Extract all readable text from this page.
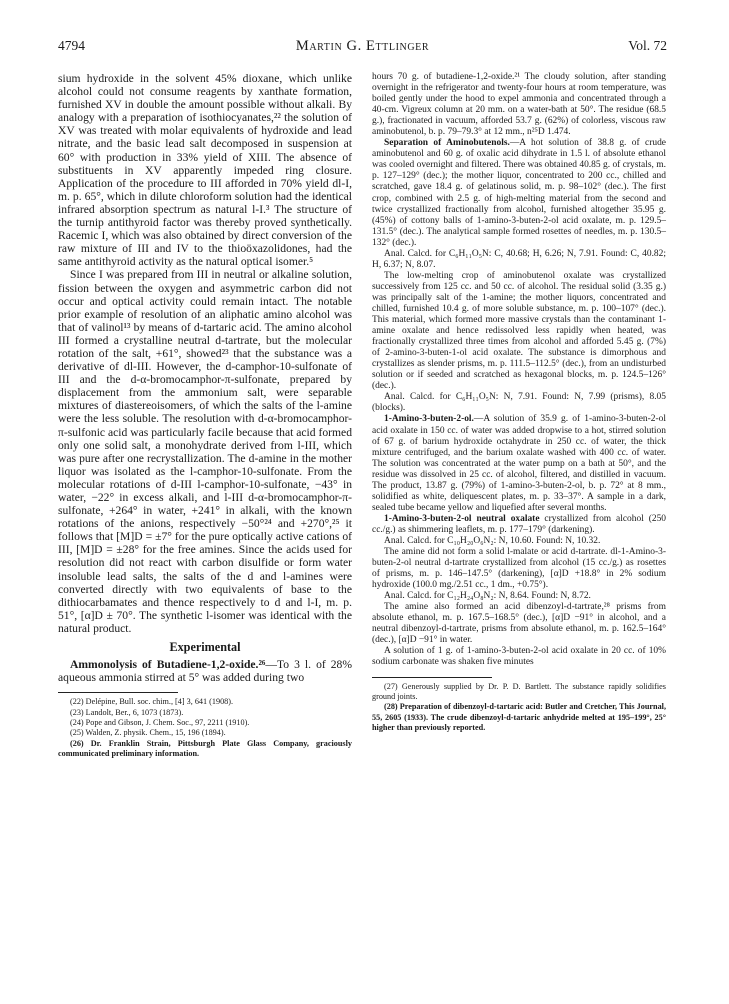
4794	Martin G. Ettlinger	Vol. 72

sium hydroxide in the solvent 45% dioxane, which unlike alcohol could not consume reagents by xanthate formation, furnished XV in double the amount possible without alkali. By analogy with a preparation of isothiocyanates,²² the solution of XV was treated with molar equivalents of hydroxide and lead nitrate, and the basic lead salt decomposed in suspension at 60° with production in 33% yield of XIII. The absence of substituents in XV apparently impeded ring closure. Application of the procedure to III afforded in 70% yield dl-I, m. p. 65°, which in dilute chloroform solution had the identical infrared absorption spectrum as natural l-I.³ The structure of the turnip antithyroid factor was thereby proved synthetically. Racemic I, which was also obtained by direct conversion of the raw mixture of III and IV to the thioöxazolidones, had the same antithyroid activity as the natural optical isomer.⁵

Since I was prepared from III in neutral or alkaline solution, fission between the oxygen and asymmetric carbon did not occur and optical activity could remain intact. The notable prior example of resolution of an aliphatic amino alcohol was that of valinol¹³ by means of d-tartaric acid. The amino alcohol III formed a crystalline neutral d-tartrate, but the molecular rotation of the salt, +61°, showed²³ that the substance was a derivative of dl-III. However, the d-camphor-10-sulfonate of III and the d-α-bromocamphor-π-sulfonate, prepared by displacement from the ammonium salt, were separable mixtures of diastereoisomers, of which the salts of the l-amine were the less soluble. The resolution with d-α-bromocamphor-π-sulfonic acid was particularly facile because that acid formed only one solid salt, a monohydrate derived from l-III, which was pure after one recrystallization. The d-amine in the mother liquor was isolated as the l-camphor-10-sulfonate. From the molecular rotations of d-III l-camphor-10-sulfonate, −43° in water, −22° in excess alkali, and l-III d-α-bromocamphor-π-sulfonate, +264° in water, +241° in alkali, with the known rotations of the anions, respectively −50°²⁴ and +270°,²⁵ it follows that [M]D = ±7° for the pure optically active cations of III, [M]D = ±28° for the free amines. Since the acids used for resolution did not react with carbon disulfide or form water insoluble lead salts, the salts of the d and l-amines were converted directly with two equivalents of base to the dithiocarbamates and thence respectively to d and l-I, m. p. 51°, [α]D ± 70°. The synthetic l-isomer was identical with the natural product.

Experimental

Ammonolysis of Butadiene-1,2-oxide.²⁶—To 3 l. of 28% aqueous ammonia stirred at 5° was added during two

(22) Delépine, Bull. soc. chim., [4] 3, 641 (1908).

(23) Landolt, Ber., 6, 1073 (1873).

(24) Pope and Gibson, J. Chem. Soc., 97, 2211 (1910).

(25) Walden, Z. physik. Chem., 15, 196 (1894).

(26) Dr. Franklin Strain, Pittsburgh Plate Glass Company, graciously communicated preliminary information.

hours 70 g. of butadiene-1,2-oxide.²¹ The cloudy solution, after standing overnight in the refrigerator and twenty-four hours at room temperature, was boiled gently under the hood to expel ammonia and concentrated through a 40-cm. Vigreux column at 20 mm. on a water-bath at 50°. The residue (68.5 g.), fractionated in vacuum, afforded 53.7 g. (62%) of colorless, viscous raw aminobutenol, b. p. 79–79.3° at 12 mm., n²⁵D 1.474.

Separation of Aminobutenols.—A hot solution of 38.8 g. of crude aminobutenol and 60 g. of oxalic acid dihydrate in 1.5 l. of absolute ethanol was cooled overnight and filtered. There was obtained 40.85 g. of crystals, m. p. 127–129° (dec.); the mother liquor, concentrated to 200 cc., chilled and scratched, gave 18.4 g. of gelatinous solid, m. p. 98–102° (dec.). The first crop, combined with 2.5 g. of high-melting material from the second and twice crystallized fractionally from alcohol, furnished altogether 35.95 g. (45%) of cottony balls of 1-amino-3-buten-2-ol acid oxalate, m. p. 129.5–131.5° (dec.). The analytical sample formed rosettes of needles, m. p. 130.5–132° (dec.).

Anal. Calcd. for C₆H₁₁O₅N: C, 40.68; H, 6.26; N, 7.91. Found: C, 40.82; H, 6.37; N, 8.07.

The low-melting crop of aminobutenol oxalate was crystallized successively from 125 cc. and 50 cc. of alcohol. The residual solid (3.35 g.) was principally salt of the 1-amine; the mother liquors, concentrated and chilled, furnished 10.4 g. of more soluble substance, m. p. 100–107° (dec.). This material, which formed more massive crystals than the contaminant 1-amine oxalate and hence redissolved less rapidly when heated, was fractionally crystallized three times from alcohol and afforded 5.45 g. (7%) of 2-amino-3-buten-1-ol acid oxalate. The substance is dimorphous and crystallizes as slender prisms, m. p. 111.5–112.5° (dec.), from an undisturbed solution or if seeded and scratched as hexagonal blocks, m. p. 124.5–126° (dec.).

Anal. Calcd. for C₆H₁₁O₅N: N, 7.91. Found: N, 7.99 (prisms), 8.05 (blocks).

1-Amino-3-buten-2-ol.—A solution of 35.9 g. of 1-amino-3-buten-2-ol acid oxalate in 150 cc. of water was added dropwise to a hot, stirred solution of 67 g. of barium hydroxide octahydrate in 250 cc. of water, the thick mixture centrifuged, and the barium oxalate washed with 400 cc. of water. The solution was concentrated at the water pump on a bath at 50°, and the residue was dissolved in 25 cc. of alcohol, filtered, and distilled in vacuum. The product, 13.87 g. (79%) of 1-amino-3-buten-2-ol, b. p. 72° at 8 mm., solidified as white, deliquescent plates, m. p. 33–37°. A sample in a dark, sealed tube became yellow and liquefied after several months.

1-Amino-3-buten-2-ol neutral oxalate crystallized from alcohol (250 cc./g.) as shimmering leaflets, m. p. 177–179° (darkening).

Anal. Calcd. for C₁₀H₂₀O₆N₂: N, 10.60. Found: N, 10.32.

The amine did not form a solid l-malate or acid d-tartrate. dl-1-Amino-3-buten-2-ol neutral d-tartrate crystallized from alcohol (15 cc./g.) as rosettes of prisms, m. p. 146–147.5° (darkening), [α]D +18.8° in 2% sodium hydroxide (100.0 mg./2.51 cc., 1 dm., +0.75°).

Anal. Calcd. for C₁₂H₂₄O₈N₂: N, 8.64. Found: N, 8.72.

The amine also formed an acid dibenzoyl-d-tartrate,²⁸ prisms from absolute ethanol, m. p. 167.5–168.5° (dec.), [α]D −91° in alcohol, and a neutral dibenzoyl-d-tartrate, prisms from absolute ethanol, m. p. 162.5–164° (dec.), [α]D −91° in water.

A solution of 1 g. of 1-amino-3-buten-2-ol acid oxalate in 20 cc. of 10% sodium carbonate was shaken five minutes

(27) Generously supplied by Dr. P. D. Bartlett. The substance rapidly solidifies ground joints.

(28) Preparation of dibenzoyl-d-tartaric acid: Butler and Cretcher, This Journal, 55, 2605 (1933). The crude dibenzoyl-d-tartaric anhydride melted at 195–199°, 25° higher than previously reported.
